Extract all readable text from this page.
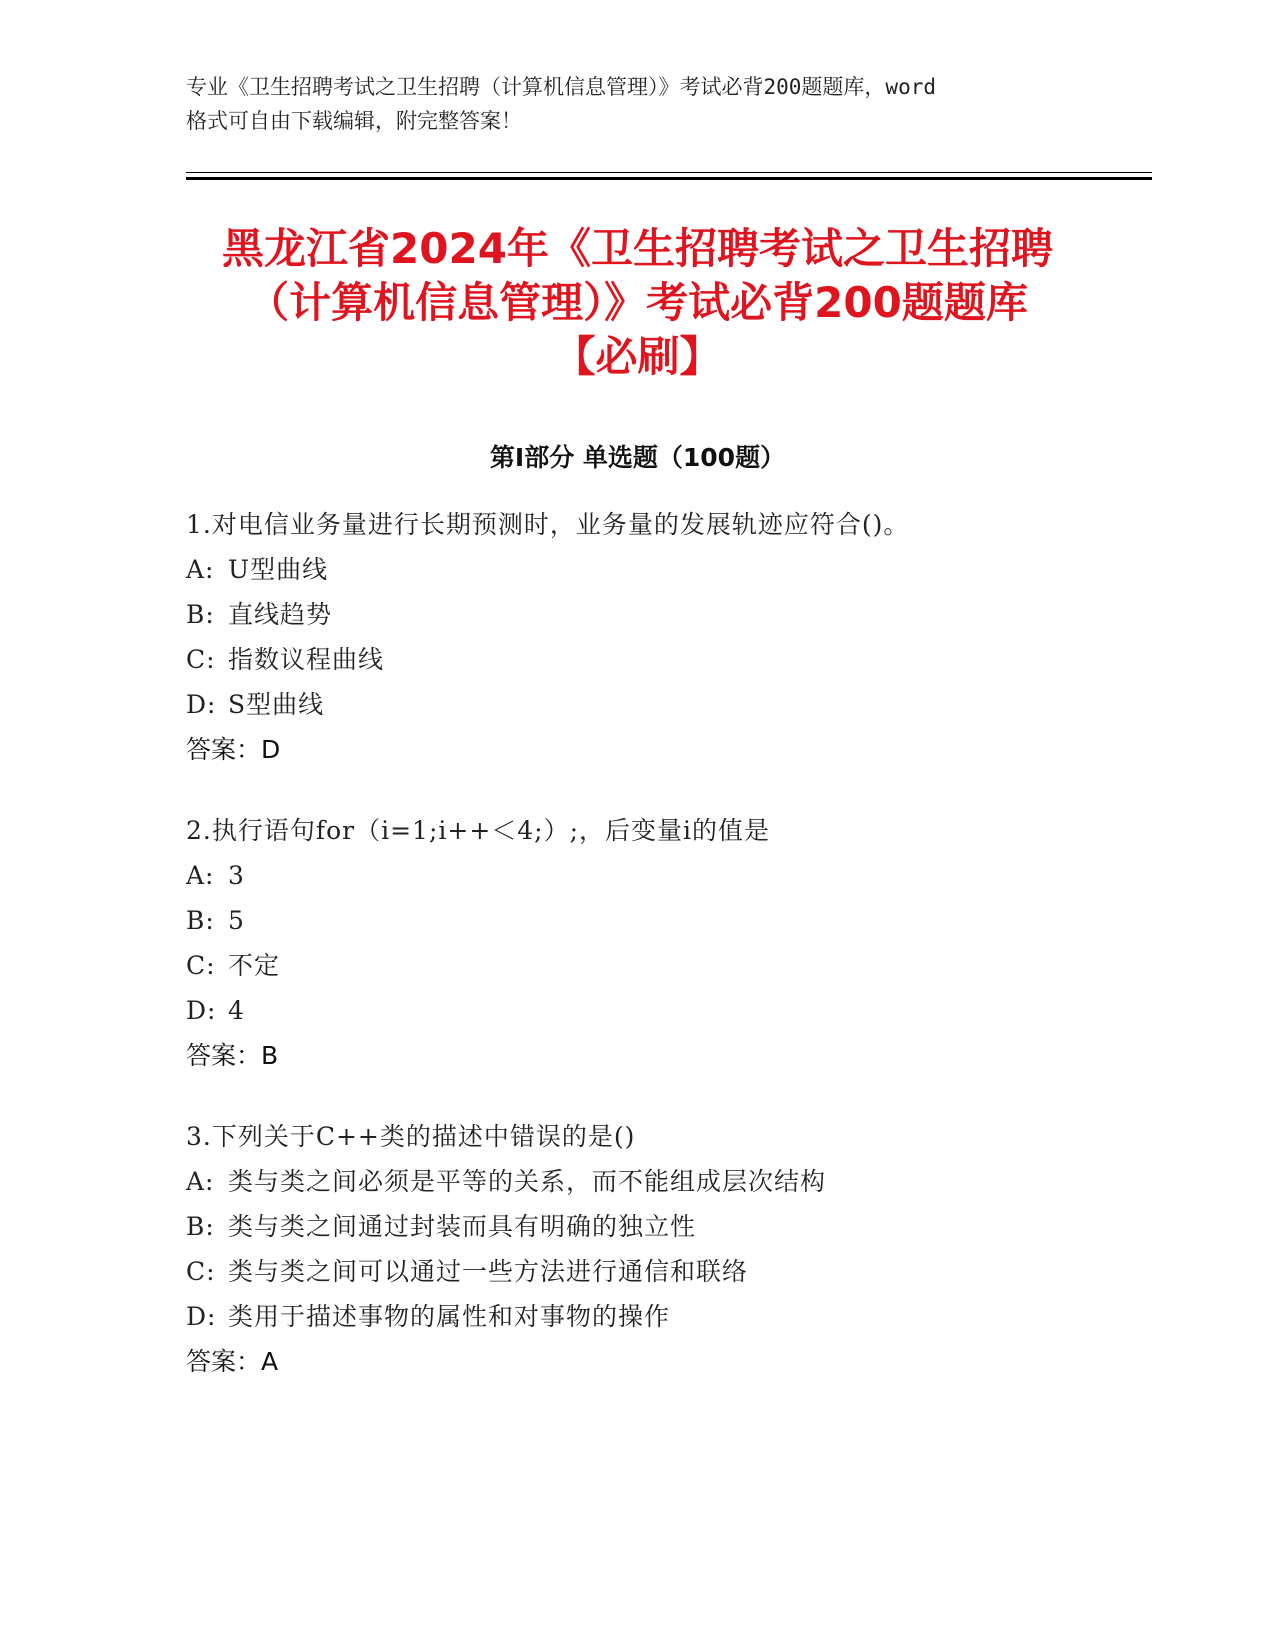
专业《卫生招聘考试之卫生招聘（计算机信息管理）》考试必背200题题库，word
格式可自由下载编辑，附完整答案！
黑龙江省2024年《卫生招聘考试之卫生招聘
（计算机信息管理）》考试必背200题题库
【必刷】
第Ⅰ部分 单选题（100题）
1.对电信业务量进行长期预测时，业务量的发展轨迹应符合()。
A: U型曲线
B: 直线趋势
C: 指数议程曲线
D: S型曲线
答案：D
2.执行语句for（i=1;i++＜4;）;，后变量i的值是
A: 3
B: 5
C: 不定
D: 4
答案：B
3.下列关于C++类的描述中错误的是()
A: 类与类之间必须是平等的关系，而不能组成层次结构
B: 类与类之间通过封装而具有明确的独立性
C: 类与类之间可以通过一些方法进行通信和联络
D: 类用于描述事物的属性和对事物的操作
答案：A
